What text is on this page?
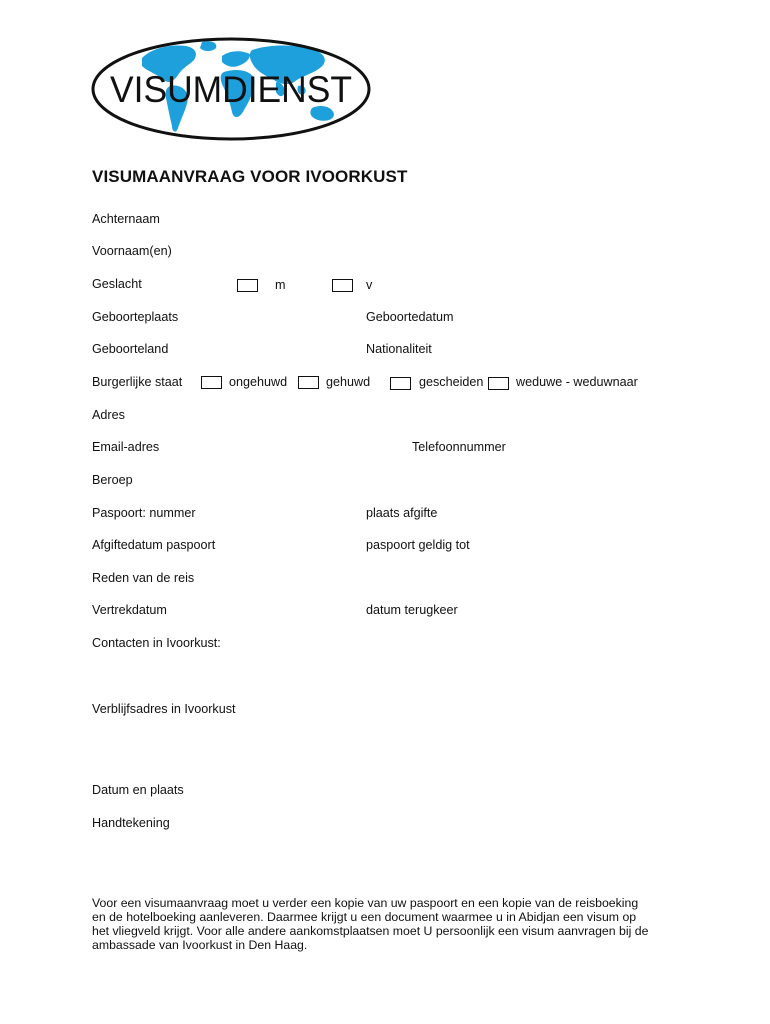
VISUMDIENST
VISUMAANVRAAG VOOR IVOORKUST
Achternaam
Voornaam(en)
Geslacht	m	v
Geboorteplaats	Geboortedatum
Geboorteland	Nationaliteit
Burgerlijke staat	ongehuwd	gehuwd	gescheiden	weduwe - weduwnaar
Adres
Email-adres	Telefoonnummer
Beroep
Paspoort: nummer	plaats afgifte
Afgiftedatum paspoort	paspoort geldig tot
Reden van de reis
Vertrekdatum	datum terugkeer
Contacten in Ivoorkust:
Verblijfsadres in Ivoorkust
Datum en plaats
Handtekening

Voor een visumaanvraag moet u verder een kopie van uw paspoort en een kopie van de reisboeking

en de hotelboeking aanleveren. Daarmee krijgt u een document waarmee u in Abidjan een visum op

het vliegveld krijgt. Voor alle andere aankomstplaatsen moet U persoonlijk een visum aanvragen bij de

ambassade van Ivoorkust in Den Haag.
